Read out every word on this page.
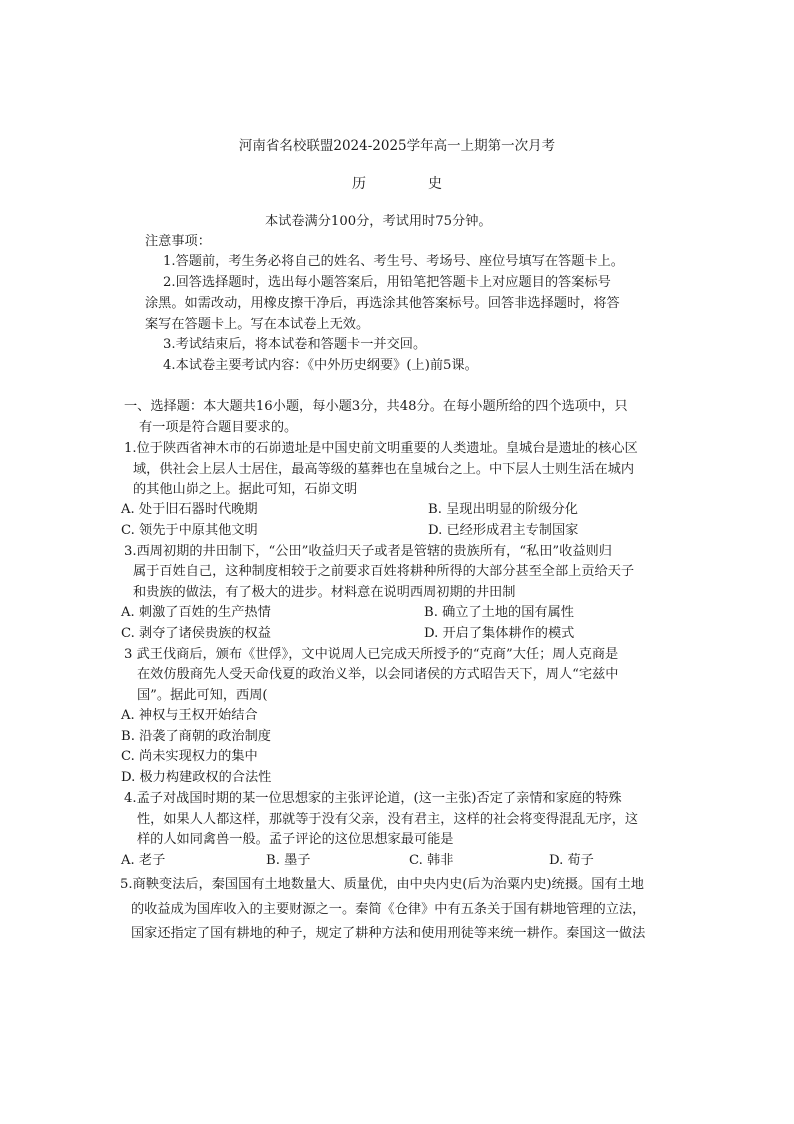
河南省名校联盟2024-2025学年高一上期第一次月考
历　史
本试卷满分100分，考试用时75分钟。
注意事项：
1.答题前，考生务必将自己的姓名、考生号、考场号、座位号填写在答题卡上。
2.回答选择题时，选出每小题答案后，用铅笔把答题卡上对应题目的答案标号
涂黑。如需改动，用橡皮擦干净后，再选涂其他答案标号。回答非选择题时，将答
案写在答题卡上。写在本试卷上无效。
3.考试结束后，将本试卷和答题卡一并交回。
4.本试卷主要考试内容：《中外历史纲要》(上)前5课。
一、选择题：本大题共16小题，每小题3分，共48分。在每小题所给的四个选项中，只
有一项是符合题目要求的。
1.位于陕西省神木市的石峁遗址是中国史前文明重要的人类遗址。皇城台是遗址的核心区
域，供社会上层人士居住，最高等级的墓葬也在皇城台之上。中下层人士则生活在城内
的其他山峁之上。据此可知，石峁文明
A. 处于旧石器时代晚期	B. 呈现出明显的阶级分化
C. 领先于中原其他文明	D. 已经形成君主专制国家
3.西周初期的井田制下，“公田”收益归天子或者是管辖的贵族所有，“私田”收益则归
属于百姓自己，这种制度相较于之前要求百姓将耕种所得的大部分甚至全部上贡给天子
和贵族的做法，有了极大的进步。材料意在说明西周初期的井田制
A. 刺激了百姓的生产热情	B. 确立了土地的国有属性
C. 剥夺了诸侯贵族的权益	D. 开启了集体耕作的模式
3 武王伐商后，颁布《世俘》，文中说周人已完成天所授予的“克商”大任；周人克商是
在效仿殷商先人受天命伐夏的政治义举，以会同诸侯的方式昭告天下，周人“宅兹中
国”。据此可知，西周(
A. 神权与王权开始结合
B. 沿袭了商朝的政治制度
C. 尚未实现权力的集中
D. 极力构建政权的合法性
4.孟子对战国时期的某一位思想家的主张评论道，(这一主张)否定了亲情和家庭的特殊
性，如果人人都这样，那就等于没有父亲，没有君主，这样的社会将变得混乱无序，这
样的人如同禽兽一般。孟子评论的这位思想家最可能是
A. 老子	B. 墨子	C. 韩非	D. 荀子
5.商鞅变法后，秦国国有土地数量大、质量优，由中央内史(后为治粟内史)统摄。国有土地
的收益成为国库收入的主要财源之一。秦简《仓律》中有五条关于国有耕地管理的立法，
国家还指定了国有耕地的种子，规定了耕种方法和使用刑徒等来统一耕作。秦国这一做法
